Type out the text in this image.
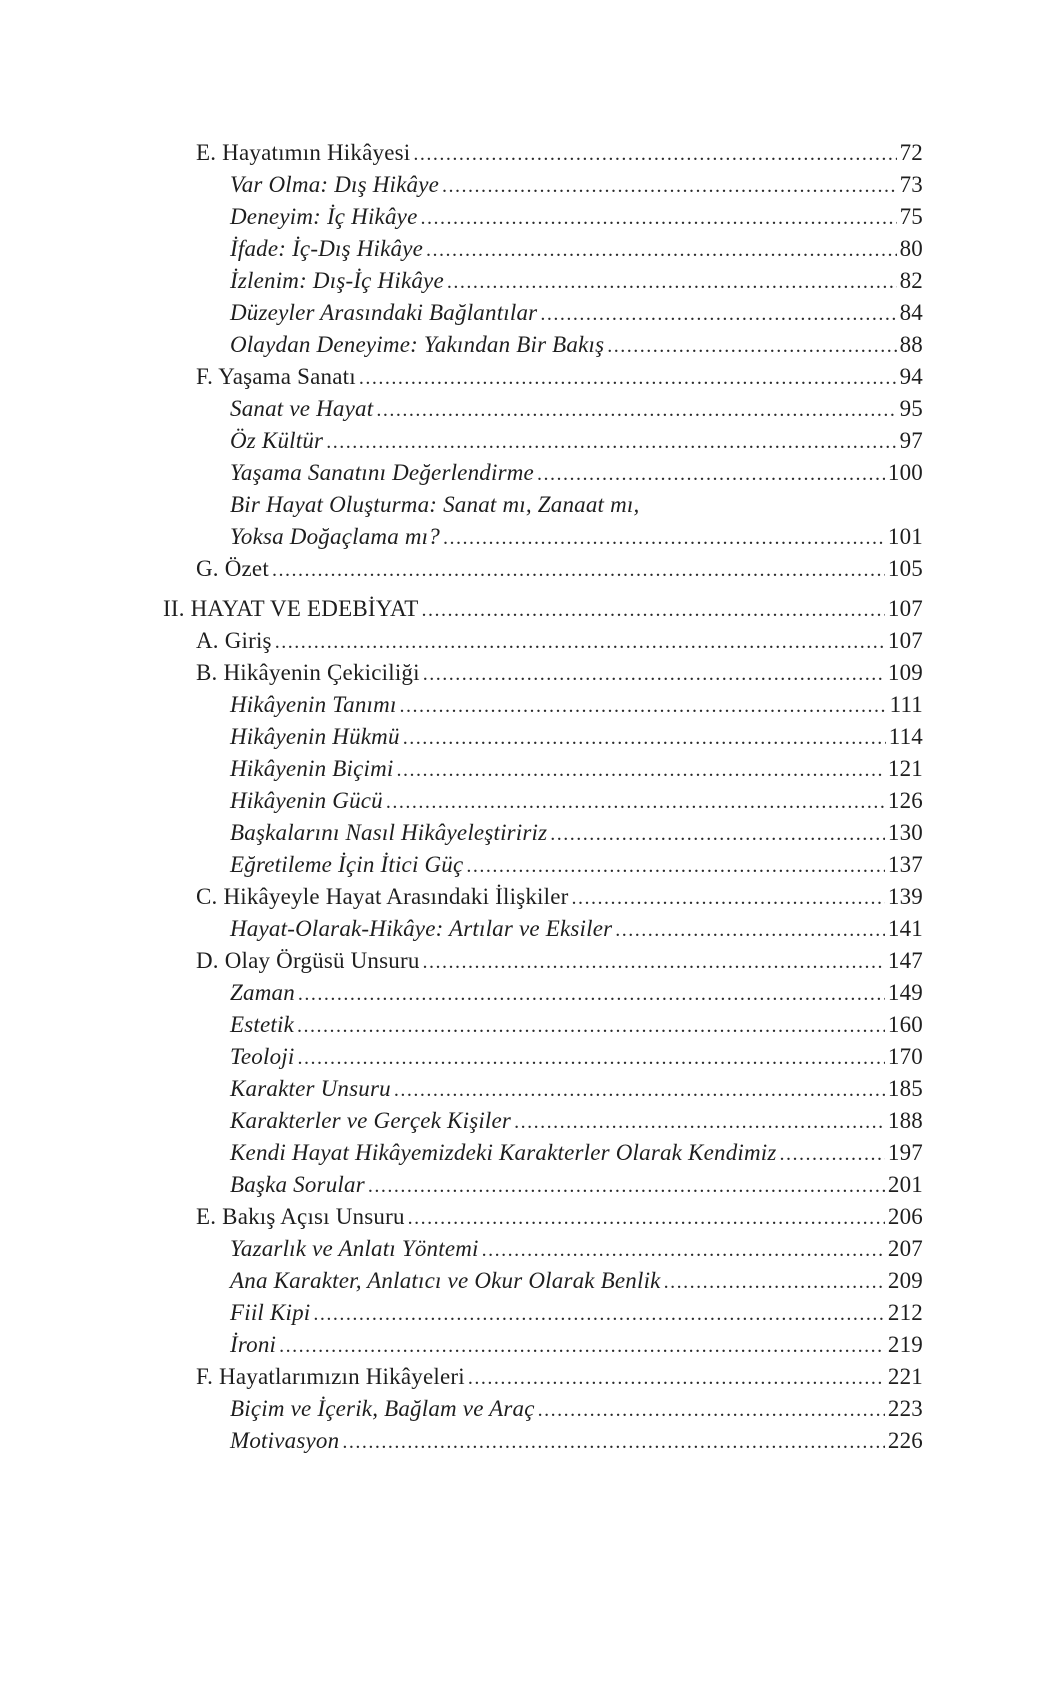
E. Hayatımın Hikâyesi .....	72
Var Olma: Dış Hikâye .....	73
Deneyim: İç Hikâye .....	75
İfade: İç-Dış Hikâye .....	80
İzlenim: Dış-İç Hikâye .....	82
Düzeyler Arasındaki Bağlantılar .....	84
Olaydan Deneyime: Yakından Bir Bakış .....	88
F. Yaşama Sanatı .....	94
Sanat ve Hayat .....	95
Öz Kültür .....	97
Yaşama Sanatını Değerlendirme .....	100
Bir Hayat Oluşturma: Sanat mı, Zanaat mı,
Yoksa Doğaçlama mı? .....	101
G. Özet .....	105
II. HAYAT VE EDEBİYAT .....	107
A. Giriş .....	107
B. Hikâyenin Çekiciliği .....	109
Hikâyenin Tanımı .....	111
Hikâyenin Hükmü .....	114
Hikâyenin Biçimi .....	121
Hikâyenin Gücü .....	126
Başkalarını Nasıl Hikâyeleştiririz .....	130
Eğretileme İçin İtici Güç .....	137
C. Hikâyeyle Hayat Arasındaki İlişkiler .....	139
Hayat-Olarak-Hikâye: Artılar ve Eksiler .....	141
D. Olay Örgüsü Unsuru .....	147
Zaman .....	149
Estetik .....	160
Teoloji .....	170
Karakter Unsuru .....	185
Karakterler ve Gerçek Kişiler .....	188
Kendi Hayat Hikâyemizdeki Karakterler Olarak Kendimiz .....	197
Başka Sorular .....	201
E. Bakış Açısı Unsuru .....	206
Yazarlık ve Anlatı Yöntemi .....	207
Ana Karakter, Anlatıcı ve Okur Olarak Benlik .....	209
Fiil Kipi .....	212
İroni .....	219
F. Hayatlarımızın Hikâyeleri .....	221
Biçim ve İçerik, Bağlam ve Araç .....	223
Motivasyon .....	226
